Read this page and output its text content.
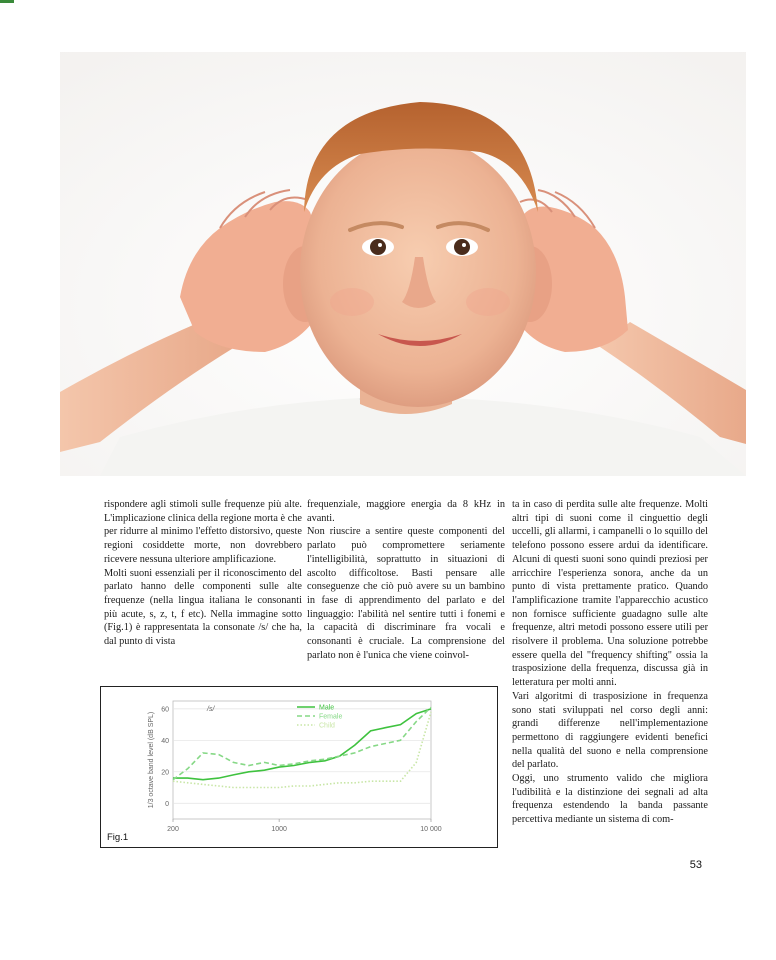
rispondere agli stimoli sulle frequenze più alte. L'implicazione clinica della regione morta è che per ridurre al minimo l'effetto distorsivo, queste regioni cosiddette morte, non dovrebbero ricevere nessuna ulteriore amplificazione.

Molti suoni essenziali per il riconoscimento del parlato hanno delle componenti sulle alte frequenze (nella lingua italiana le consonanti più acute, s, z, t, f etc). Nella immagine sotto (Fig.1) è rappresentata la consonate /s/ che ha, dal punto di vista

frequenziale, maggiore energia da 8 kHz in avanti.

Non riuscire a sentire queste componenti del parlato può compromettere seriamente l'intelligibilità, soprattutto in situazioni di ascolto difficoltose. Basti pensare alle conseguenze che ciò può avere su un bambino in fase di apprendimento del parlato e del linguaggio: l'abilità nel sentire tutti i fonemi e la capacità di discriminare fra vocali e consonanti è cruciale. La comprensione del parlato non è l'unica che viene coinvol-

ta in caso di perdita sulle alte frequenze. Molti altri tipi di suoni come il cinguettio degli uccelli, gli allarmi, i campanelli o lo squillo del telefono possono essere ardui da identificare. Alcuni di questi suoni sono quindi preziosi per arricchire l'esperienza sonora, anche da un punto di vista prettamente pratico. Quando l'amplificazione tramite l'apparecchio acustico non fornisce sufficiente guadagno sulle alte frequenze, altri metodi possono essere utili per risolvere il problema. Una soluzione potrebbe essere quella del "frequency shifting" ossia la trasposizione della frequenza, discussa già in letteratura per molti anni.

Vari algoritmi di trasposizione in frequenza sono stati sviluppati nel corso degli anni: grandi differenze nell'implementazione permettono di raggiungere evidenti benefici nella qualità del suono e nella comprensione del parlato.

Oggi, uno strumento valido che migliora l'udibilità e la distinzione dei segnali ad alta frequenza estendendo la banda passante percettiva mediante un sistema di com-

0
20
40
60
200	1000	10 000
1/3 octave band level (dB SPL)
/s/	Male
Female
Child
Fig.1
53
